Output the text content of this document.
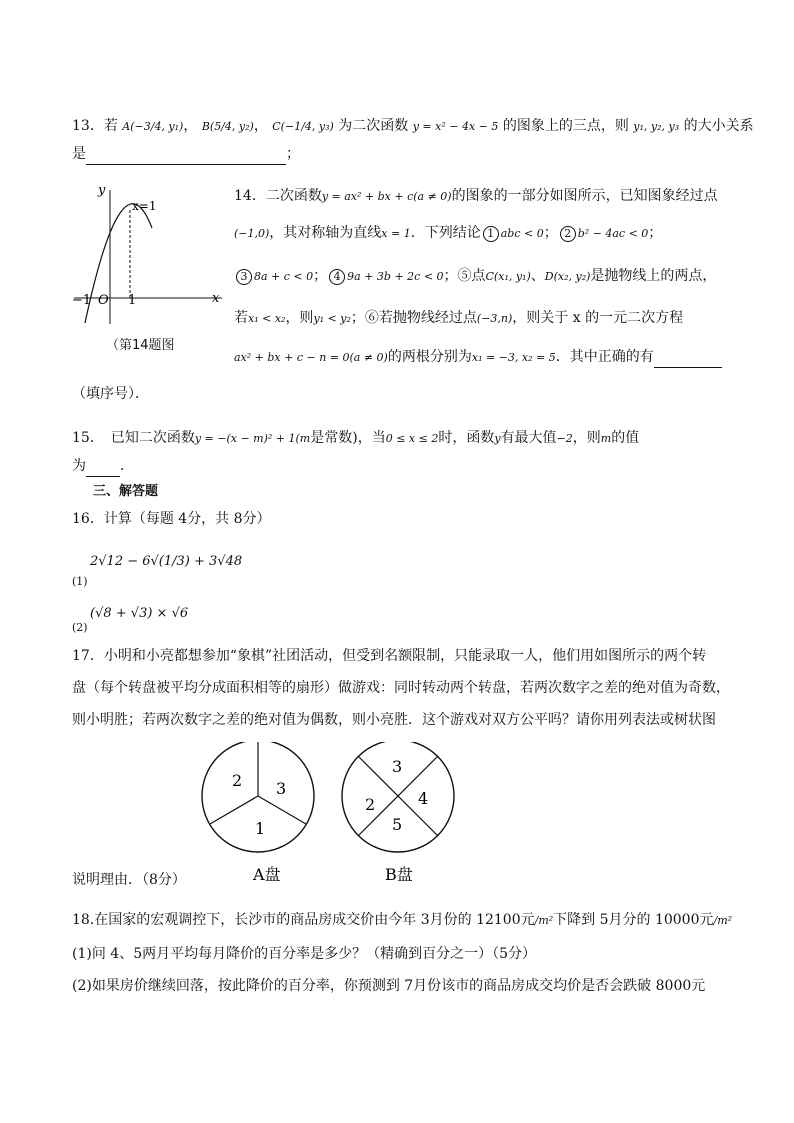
13．若 A(−3/4, y₁)， B(5/4, y₂)， C(−1/4, y₃) 为二次函数 y = x² − 4x − 5 的图象上的三点，则 y₁, y₂, y₃ 的大小关系
是	；
x=1
y
x
O
−1	1
（第14题图
14．二次函数y = ax² + bx + c(a ≠ 0)的图象的一部分如图所示，已知图象经过点
(−1,0)，其对称轴为直线x = 1．下列结论 1 abc < 0； 2 b² − 4ac < 0；
3 8a + c < 0； 4 9a + 3b + 2c < 0；⑤点C(x₁, y₁)、D(x₂, y₂)是抛物线上的两点，
若x₁ < x₂，则y₁ < y₂；⑥若抛物线经过点(−3,n)，则关于 x 的一元二次方程
ax² + bx + c − n = 0(a ≠ 0)的两根分别为x₁ = −3, x₂ = 5．其中正确的有
（填序号）．
15．　已知二次函数y = −(x − m)² + 1(m是常数)，当0 ≤ x ≤ 2时，函数y有最大值−2，则m的值
为 ．
三、解答题
16．计算（每题 4分，共 8分）
2√12 − 6√(1/3) + 3√48
(1)
(2)
(√8 + √3) × √6
17．小明和小亮都想参加“象棋”社团活动，但受到名额限制，只能录取一人，他们用如图所示的两个转
盘（每个转盘被平均分成面积相等的扇形）做游戏：同时转动两个转盘，若两次数字之差的绝对值为奇数，
则小明胜；若两次数字之差的绝对值为偶数，则小亮胜．这个游戏对双方公平吗？请你用列表法或树状图
2 3
1
A盘
3
4
5
2
B盘
说明理由．（8分）
18.在国家的宏观调控下，长沙市的商品房成交价由今年 3月份的 12100元/m²下降到 5月分的 10000元/m²
(1)问 4、5两月平均每月降价的百分率是多少？（精确到百分之一）（5分）
(2)如果房价继续回落，按此降价的百分率，你预测到 7月份该市的商品房成交均价是否会跌破 8000元
